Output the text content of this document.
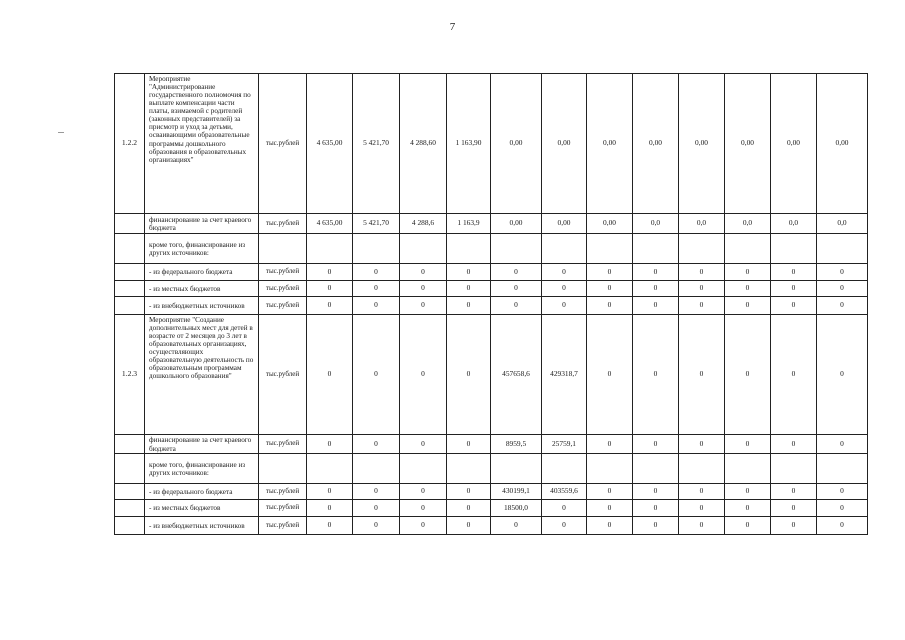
7
1.2.2	Мероприятие "Администрирование государственного полномочия по выплате компенсации части платы, взимаемой с родителей (законных представителей) за присмотр и уход за детьми, осваивающими образовательные программы дошкольного образования в образовательных организациях"	тыс.рублей	4 635,00	5 421,70	4 288,60	1 163,90	0,00	0,00	0,00	0,00	0,00	0,00	0,00	0,00
	финансирование за счет краевого бюджета	тыс.рублей	4 635,00	5 421,70	4 288,6	1 163,9	0,00	0,00	0,00	0,0	0,0	0,0	0,0	0,0
	кроме того, финансирование из других источников:													
	- из федерального бюджета	тыс.рублей	0	0	0	0	0	0	0	0	0	0	0	0
	- из местных бюджетов	тыс.рублей	0	0	0	0	0	0	0	0	0	0	0	0
	- из внебюджетных источников	тыс.рублей	0	0	0	0	0	0	0	0	0	0	0	0
1.2.3	Мероприятие "Создание дополнительных мест для детей в возрасте от 2 месяцев до 3 лет в образовательных организациях, осуществляющих образовательную деятельность по образовательным программам дошкольного образования"	тыс.рублей	0	0	0	0	457658,6	429318,7	0	0	0	0	0	0
	финансирование за счет краевого бюджета	тыс.рублей	0	0	0	0	8959,5	25759,1	0	0	0	0	0	0
	кроме того, финансирование из других источников:													
	- из федерального бюджета	тыс.рублей	0	0	0	0	430199,1	403559,6	0	0	0	0	0	0
	- из местных бюджетов	тыс.рублей	0	0	0	0	18500,0	0	0	0	0	0	0	0
	- из внебюджетных источников	тыс.рублей	0	0	0	0	0	0	0	0	0	0	0	0
